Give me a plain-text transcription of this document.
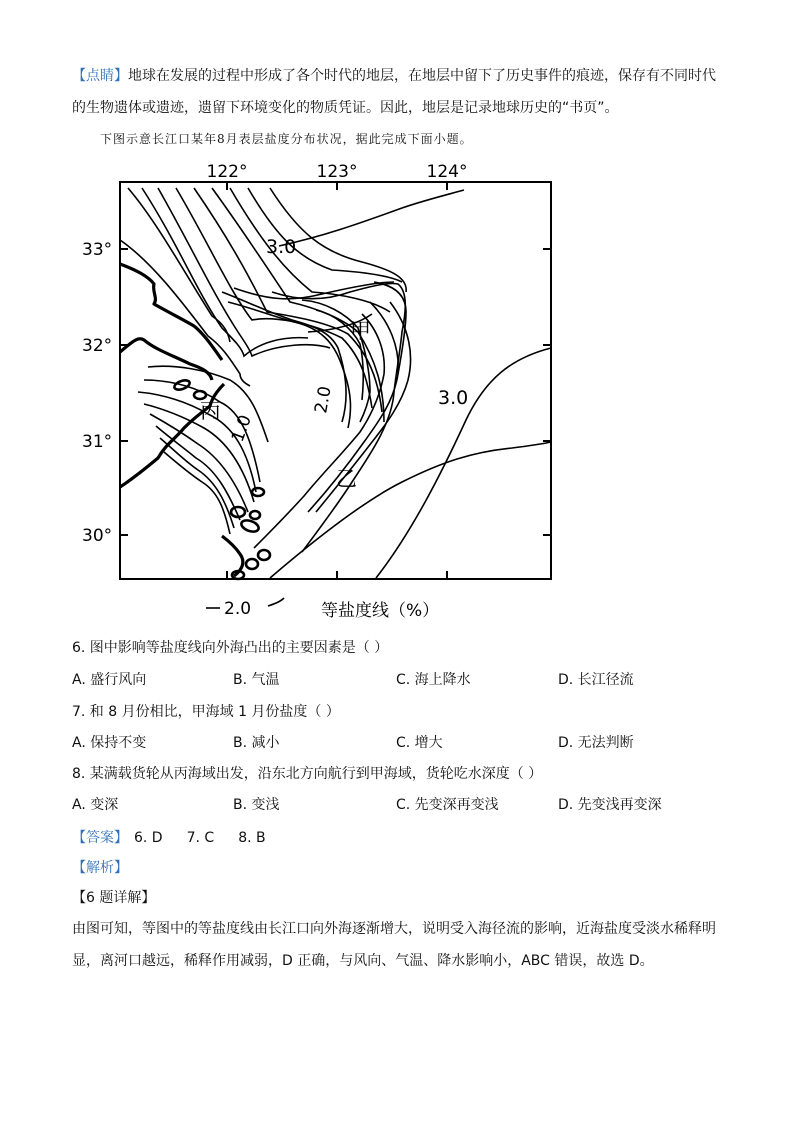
【点睛】地球在发展的过程中形成了各个时代的地层，在地层中留下了历史事件的痕迹，保存有不同时代
的生物遗体或遗迹，遗留下环境变化的物质凭证。因此，地层是记录地球历史的“书页”。
下图示意长江口某年8月表层盐度分布状况，据此完成下面小题。
122°	123°	124°
33°
32°
31°
30°
3.0
3.0
2.0
1.0
甲
乙
丙
2.0	等盐度线（%）
6. 图中影响等盐度线向外海凸出的主要因素是（ ）
A. 盛行风向	B. 气温	C. 海上降水	D. 长江径流
7. 和 8 月份相比，甲海域 1 月份盐度（ ）
A. 保持不变	B. 减小	C. 增大	D. 无法判断
8. 某满载货轮从丙海域出发，沿东北方向航行到甲海域，货轮吃水深度（ ）
A. 变深	B. 变浅	C. 先变深再变浅	D. 先变浅再变深
【答案】 6. D 7. C 8. B
【解析】
【6 题详解】
由图可知，等图中的等盐度线由长江口向外海逐渐增大，说明受入海径流的影响，近海盐度受淡水稀释明
显，离河口越远，稀释作用减弱，D 正确，与风向、气温、降水影响小，ABC 错误，故选 D。
